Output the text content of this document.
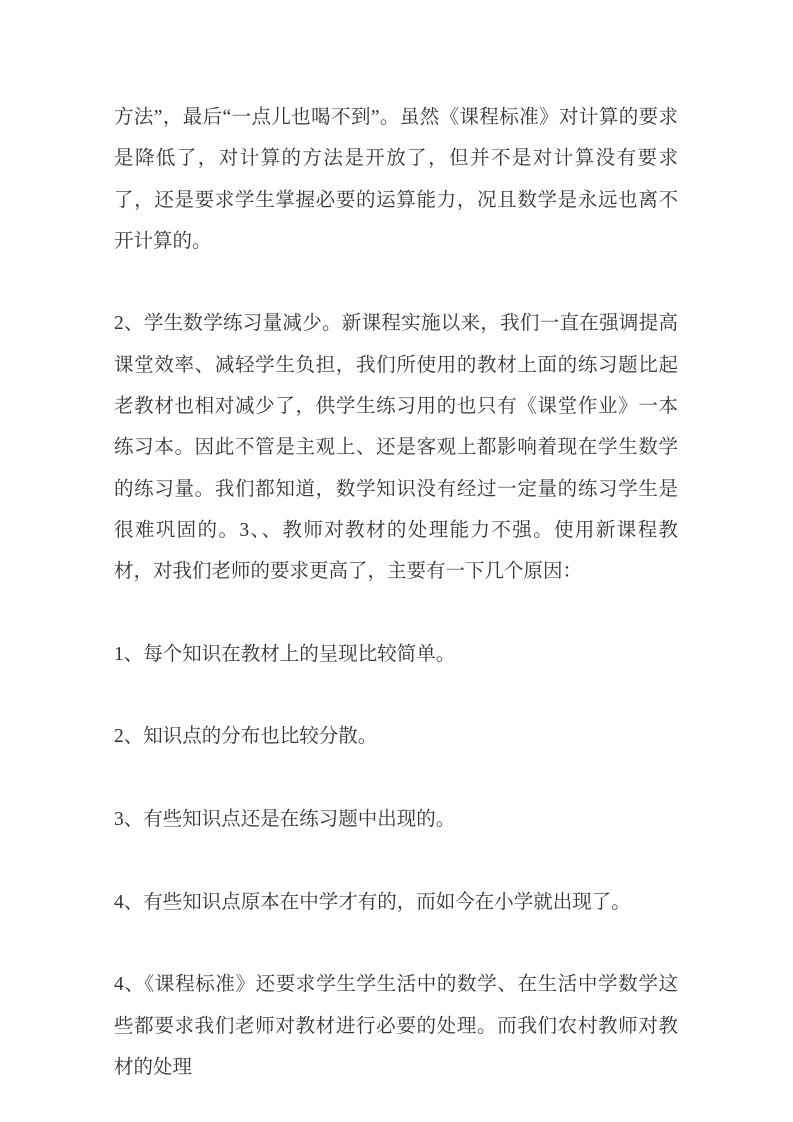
方法”，最后“一点儿也喝不到”。虽然《课程标准》对计算的要求是降低了，对计算的方法是开放了，但并不是对计算没有要求了，还是要求学生掌握必要的运算能力，况且数学是永远也离不开计算的。

2、学生数学练习量减少。新课程实施以来，我们一直在强调提高课堂效率、减轻学生负担，我们所使用的教材上面的练习题比起老教材也相对减少了，供学生练习用的也只有《课堂作业》一本练习本。因此不管是主观上、还是客观上都影响着现在学生数学的练习量。我们都知道，数学知识没有经过一定量的练习学生是很难巩固的。3、、教师对教材的处理能力不强。使用新课程教材，对我们老师的要求更高了，主要有一下几个原因：

1、每个知识在教材上的呈现比较简单。

2、知识点的分布也比较分散。

3、有些知识点还是在练习题中出现的。

4、有些知识点原本在中学才有的，而如今在小学就出现了。

4、《课程标准》还要求学生学生活中的数学、在生活中学数学这些都要求我们老师对教材进行必要的处理。而我们农村教师对教材的处理
